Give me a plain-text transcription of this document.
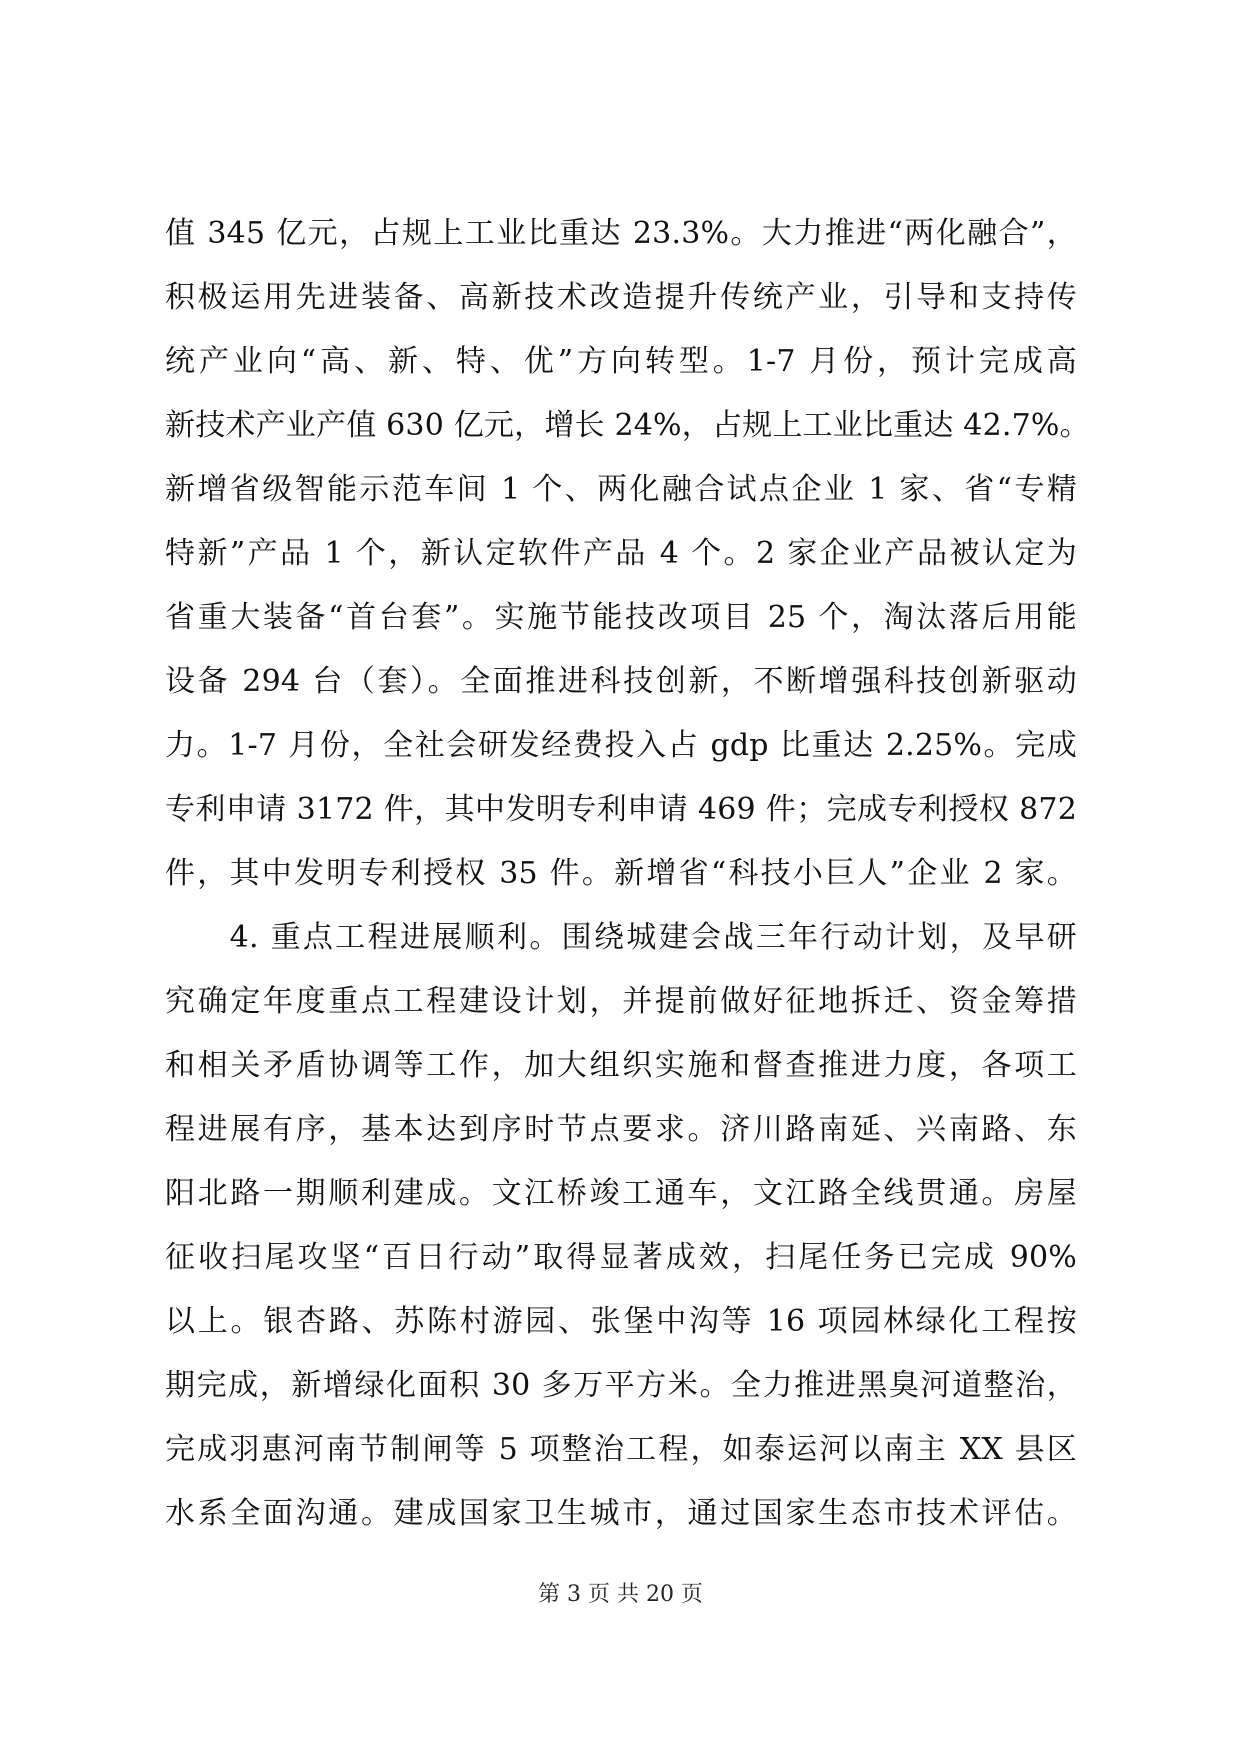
值 345 亿元，占规上工业比重达 23.3%。大力推进“两化融合”，
积极运用先进装备、高新技术改造提升传统产业，引导和支持传
统产业向“高、新、特、优”方向转型。1-7 月份，预计完成高
新技术产业产值 630 亿元，增长 24%，占规上工业比重达 42.7%。
新增省级智能示范车间 1 个、两化融合试点企业 1 家、省“专精
特新”产品 1 个，新认定软件产品 4 个。2 家企业产品被认定为
省重大装备“首台套”。实施节能技改项目 25 个，淘汰落后用能
设备 294 台（套）。全面推进科技创新，不断增强科技创新驱动
力。1-7 月份，全社会研发经费投入占 gdp 比重达 2.25%。完成
专利申请 3172 件，其中发明专利申请 469 件；完成专利授权 872
件，其中发明专利授权 35 件。新增省“科技小巨人”企业 2 家。
　　4. 重点工程进展顺利。围绕城建会战三年行动计划，及早研
究确定年度重点工程建设计划，并提前做好征地拆迁、资金筹措
和相关矛盾协调等工作，加大组织实施和督查推进力度，各项工
程进展有序，基本达到序时节点要求。济川路南延、兴南路、东
阳北路一期顺利建成。文江桥竣工通车，文江路全线贯通。房屋
征收扫尾攻坚“百日行动”取得显著成效，扫尾任务已完成 90%
以上。银杏路、苏陈村游园、张堡中沟等 16 项园林绿化工程按
期完成，新增绿化面积 30 多万平方米。全力推进黑臭河道整治，
完成羽惠河南节制闸等 5 项整治工程，如泰运河以南主 XX 县区
水系全面沟通。建成国家卫生城市，通过国家生态市技术评估。
第 3 页 共 20 页
